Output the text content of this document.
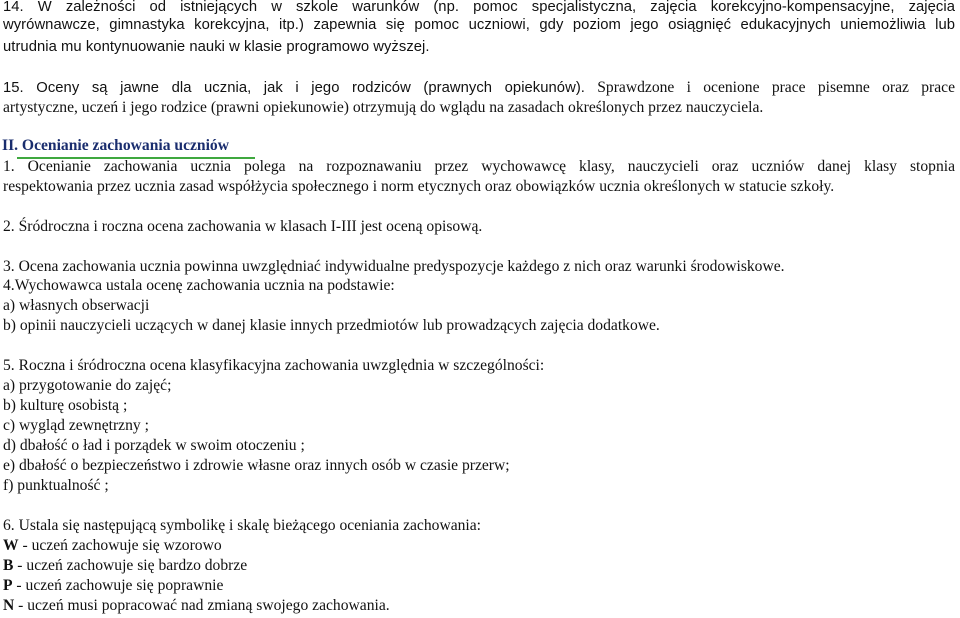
14. W zależności od istniejących w szkole warunków (np. pomoc specjalistyczna, zajęcia korekcyjno-kompensacyjne, zajęcia
wyrównawcze, gimnastyka korekcyjna, itp.) zapewnia się pomoc uczniowi, gdy poziom jego osiągnięć edukacyjnych uniemożliwia lub
utrudnia mu kontynuowanie nauki w klasie programowo wyższej.
15. Oceny są jawne dla ucznia, jak i jego rodziców (prawnych opiekunów). Sprawdzone i ocenione prace pisemne oraz prace
artystyczne, uczeń i jego rodzice (prawni opiekunowie) otrzymują do wglądu na zasadach określonych przez nauczyciela.
II. Ocenianie zachowania uczniów
1. Ocenianie zachowania ucznia polega na rozpoznawaniu przez wychowawcę klasy, nauczycieli oraz uczniów danej klasy stopnia
respektowania przez ucznia zasad współżycia społecznego i norm etycznych oraz obowiązków ucznia określonych w statucie szkoły.
2. Śródroczna i roczna ocena zachowania w klasach I-III jest oceną opisową.
3. Ocena zachowania ucznia powinna uwzględniać indywidualne predyspozycje każdego z nich oraz warunki środowiskowe.
4.Wychowawca ustala ocenę zachowania ucznia na podstawie:
a) własnych obserwacji
b) opinii nauczycieli uczących w danej klasie innych przedmiotów lub prowadzących zajęcia dodatkowe.
5. Roczna i śródroczna ocena klasyfikacyjna zachowania uwzględnia w szczególności:
a) przygotowanie do zajęć;
b) kulturę osobistą ;
c) wygląd zewnętrzny ;
d) dbałość o ład i porządek w swoim otoczeniu ;
e) dbałość o bezpieczeństwo i zdrowie własne oraz innych osób w czasie przerw;
f) punktualność ;
6. Ustala się następującą symbolikę i skalę bieżącego oceniania zachowania:
W - uczeń zachowuje się wzorowo
B - uczeń zachowuje się bardzo dobrze
P - uczeń zachowuje się poprawnie
N - uczeń musi popracować nad zmianą swojego zachowania.
